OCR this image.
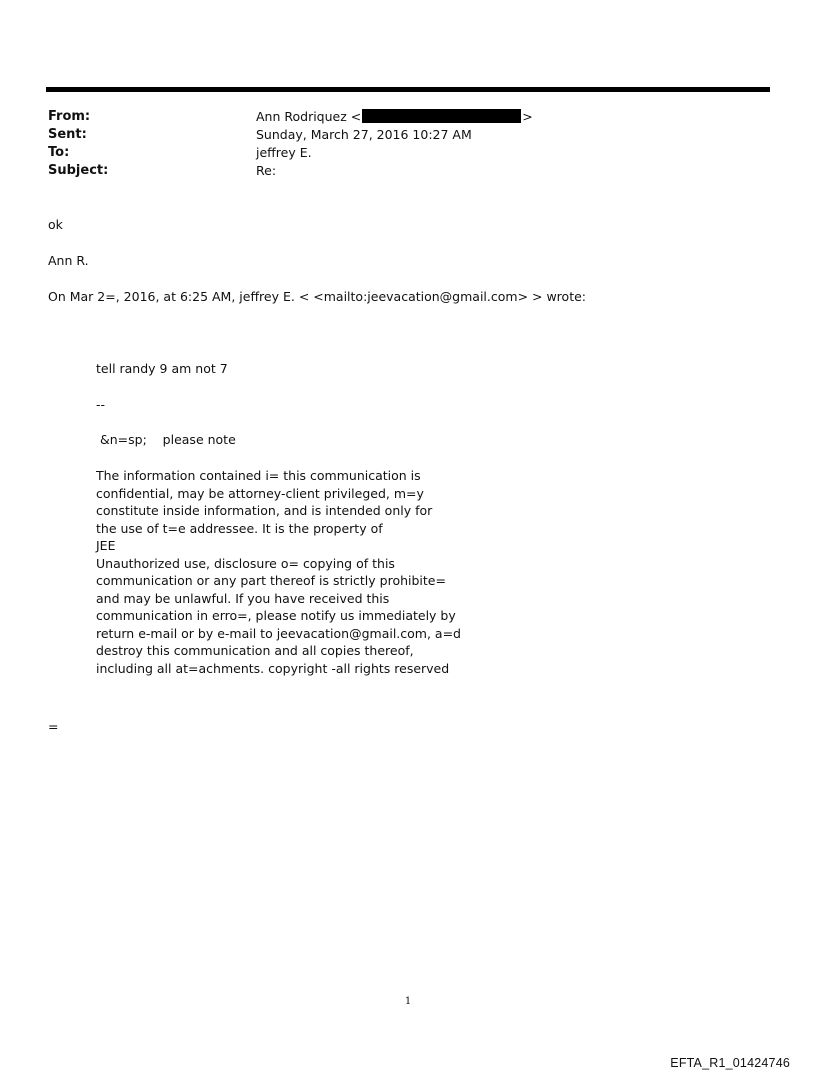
From:	Ann Rodriquez <	>
Sent:	Sunday, March 27, 2016 10:27 AM
To:	jeffrey E.
Subject:	Re:
ok
Ann R.
On Mar 2=, 2016, at 6:25 AM, jeffrey E. < <mailto:jeevacation@gmail.com> > wrote:
tell randy 9 am not 7
--
&n=sp;    please note
The information contained i= this communication is
confidential, may be attorney-client privileged, m=y
constitute inside information, and is intended only for
the use of t=e addressee. It is the property of
JEE
Unauthorized use, disclosure o= copying of this
communication or any part thereof is strictly prohibite=
and may be unlawful. If you have received this
communication in erro=, please notify us immediately by
return e-mail or by e-mail to jeevacation@gmail.com, a=d
destroy this communication and all copies thereof,
including all at=achments. copyright -all rights reserved
=
1
EFTA_R1_01424746
